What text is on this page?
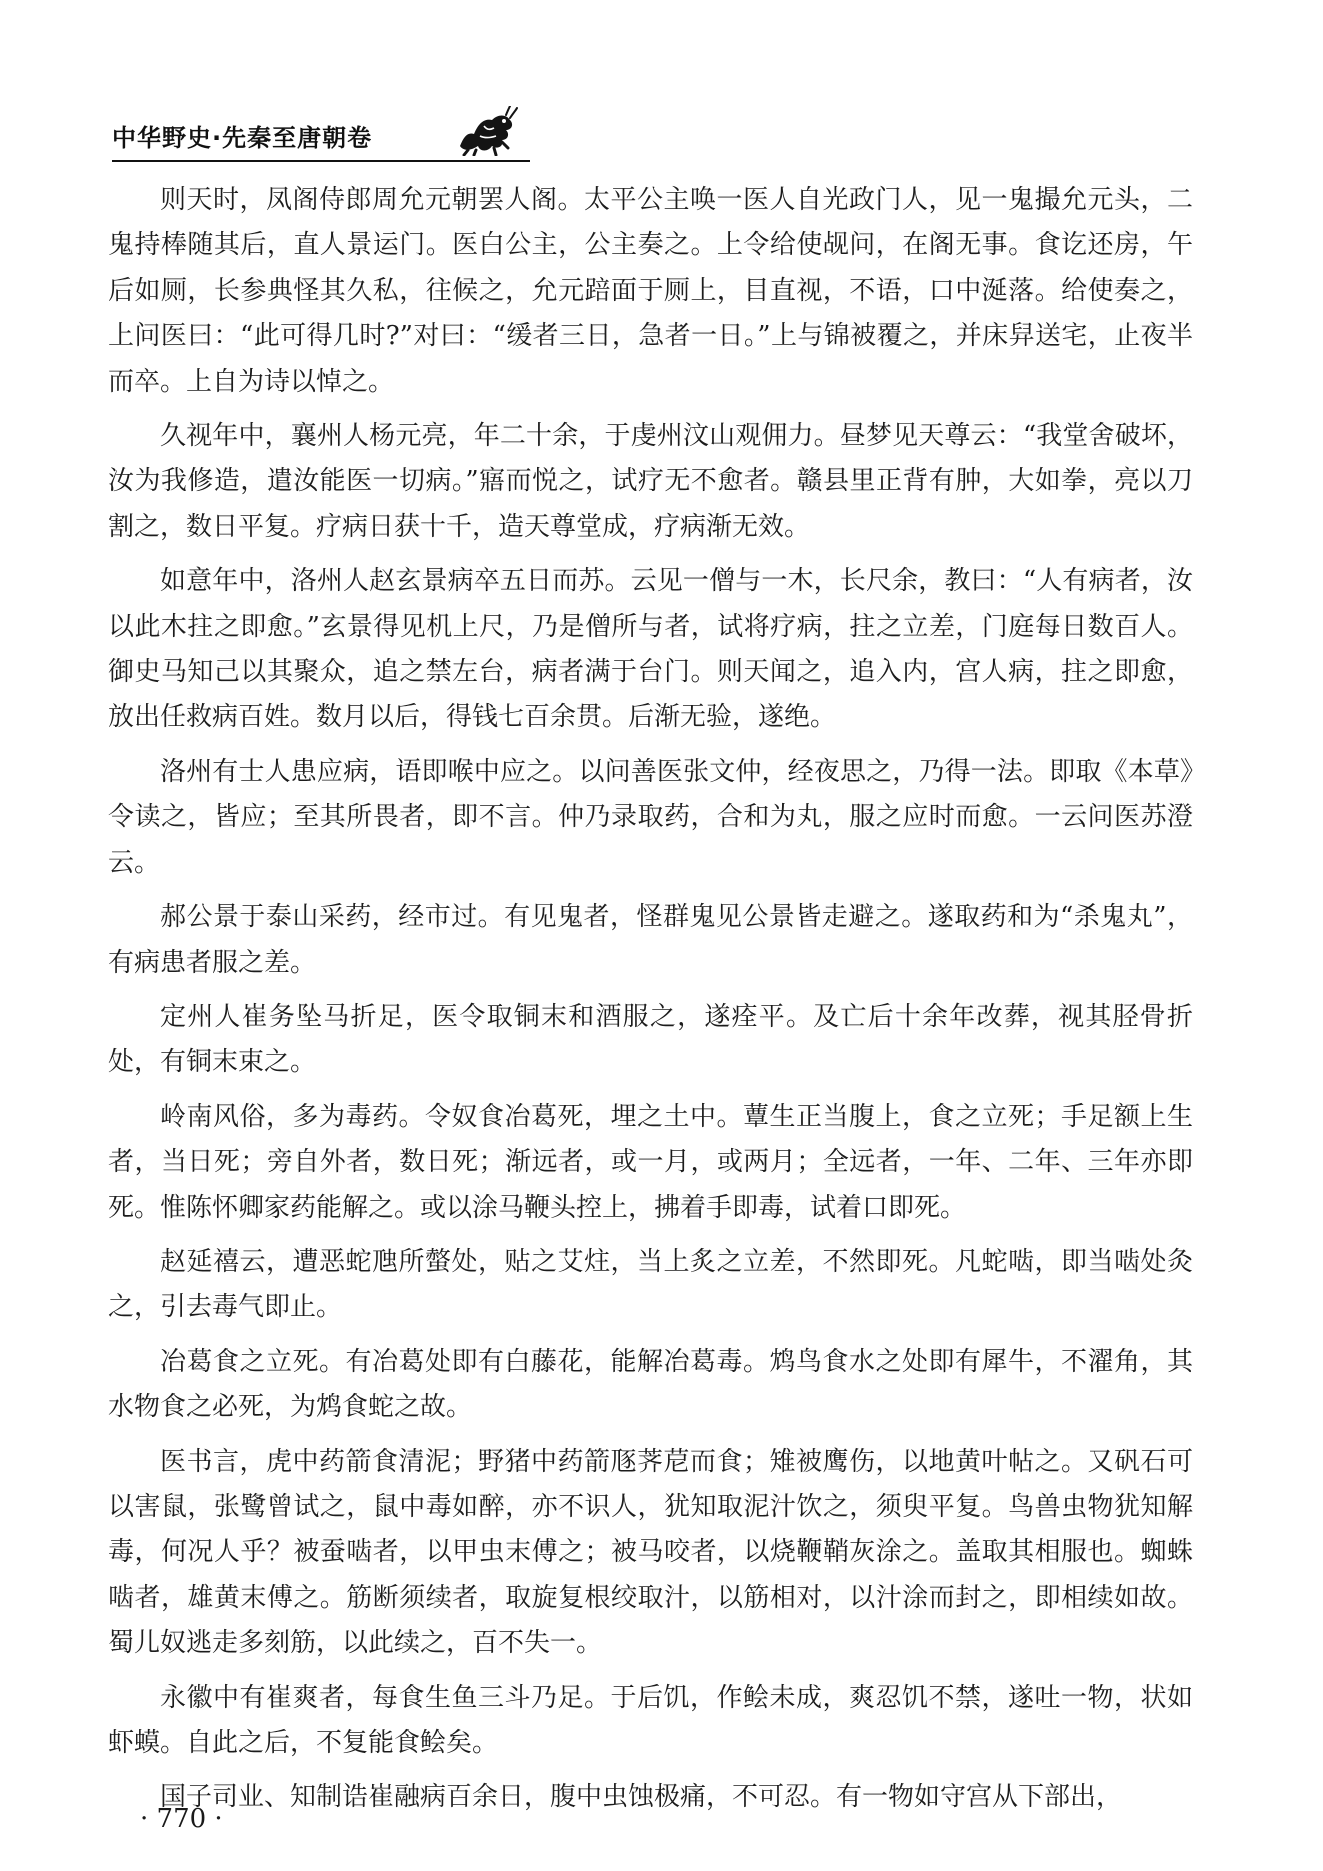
中华野史·先秦至唐朝卷

则天时，凤阁侍郎周允元朝罢人阁。太平公主唤一医人自光政门人，见一鬼撮允元头，二鬼持棒随其后，直人景运门。医白公主，公主奏之。上令给使觇问，在阁无事。食讫还房，午后如厕，长参典怪其久私，往候之，允元踣面于厕上，目直视，不语，口中涎落。给使奏之，上问医曰：“此可得几时?”对曰：“缓者三日，急者一日。”上与锦被覆之，并床舁送宅，止夜半而卒。上自为诗以悼之。

久视年中，襄州人杨元亮，年二十余，于虔州汶山观佣力。昼梦见天尊云：“我堂舍破坏，汝为我修造，遣汝能医一切病。”寤而悦之，试疗无不愈者。赣县里正背有肿，大如拳，亮以刀割之，数日平复。疗病日获十千，造天尊堂成，疗病渐无效。

如意年中，洛州人赵玄景病卒五日而苏。云见一僧与一木，长尺余，教曰：“人有病者，汝以此木拄之即愈。”玄景得见机上尺，乃是僧所与者，试将疗病，拄之立差，门庭每日数百人。御史马知己以其聚众，追之禁左台，病者满于台门。则天闻之，追入内，宫人病，拄之即愈，放出任救病百姓。数月以后，得钱七百余贯。后渐无验，遂绝。

洛州有士人患应病，语即喉中应之。以问善医张文仲，经夜思之，乃得一法。即取《本草》令读之，皆应；至其所畏者，即不言。仲乃录取药，合和为丸，服之应时而愈。一云问医苏澄云。

郝公景于泰山采药，经市过。有见鬼者，怪群鬼见公景皆走避之。遂取药和为“杀鬼丸”，有病患者服之差。

定州人崔务坠马折足，医令取铜末和酒服之，遂痊平。及亡后十余年改葬，视其胫骨折处，有铜末束之。

岭南风俗，多为毒药。令奴食冶葛死，埋之土中。蕈生正当腹上，食之立死；手足额上生者，当日死；旁自外者，数日死；渐远者，或一月，或两月；全远者，一年、二年、三年亦即死。惟陈怀卿家药能解之。或以涂马鞭头控上，拂着手即毒，试着口即死。

赵延禧云，遭恶蛇虺所螫处，贴之艾炷，当上炙之立差，不然即死。凡蛇啮，即当啮处灸之，引去毒气即止。

冶葛食之立死。有冶葛处即有白藤花，能解冶葛毒。鸩鸟食水之处即有犀牛，不濯角，其水物食之必死，为鸩食蛇之故。

医书言，虎中药箭食清泥；野猪中药箭豗荠苨而食；雉被鹰伤，以地黄叶帖之。又矾石可以害鼠，张鹭曾试之，鼠中毒如醉，亦不识人，犹知取泥汁饮之，须臾平复。鸟兽虫物犹知解毒，何况人乎？被蚕啮者，以甲虫末傅之；被马咬者，以烧鞭鞘灰涂之。盖取其相服也。蜘蛛啮者，雄黄末傅之。筋断须续者，取旋复根绞取汁，以筋相对，以汁涂而封之，即相续如故。蜀儿奴逃走多刻筋，以此续之，百不失一。

永徽中有崔爽者，每食生鱼三斗乃足。于后饥，作鲙未成，爽忍饥不禁，遂吐一物，状如虾蟆。自此之后，不复能食鲙矣。

国子司业、知制诰崔融病百余日，腹中虫蚀极痛，不可忍。有一物如守宫从下部出，

· 770 ·
